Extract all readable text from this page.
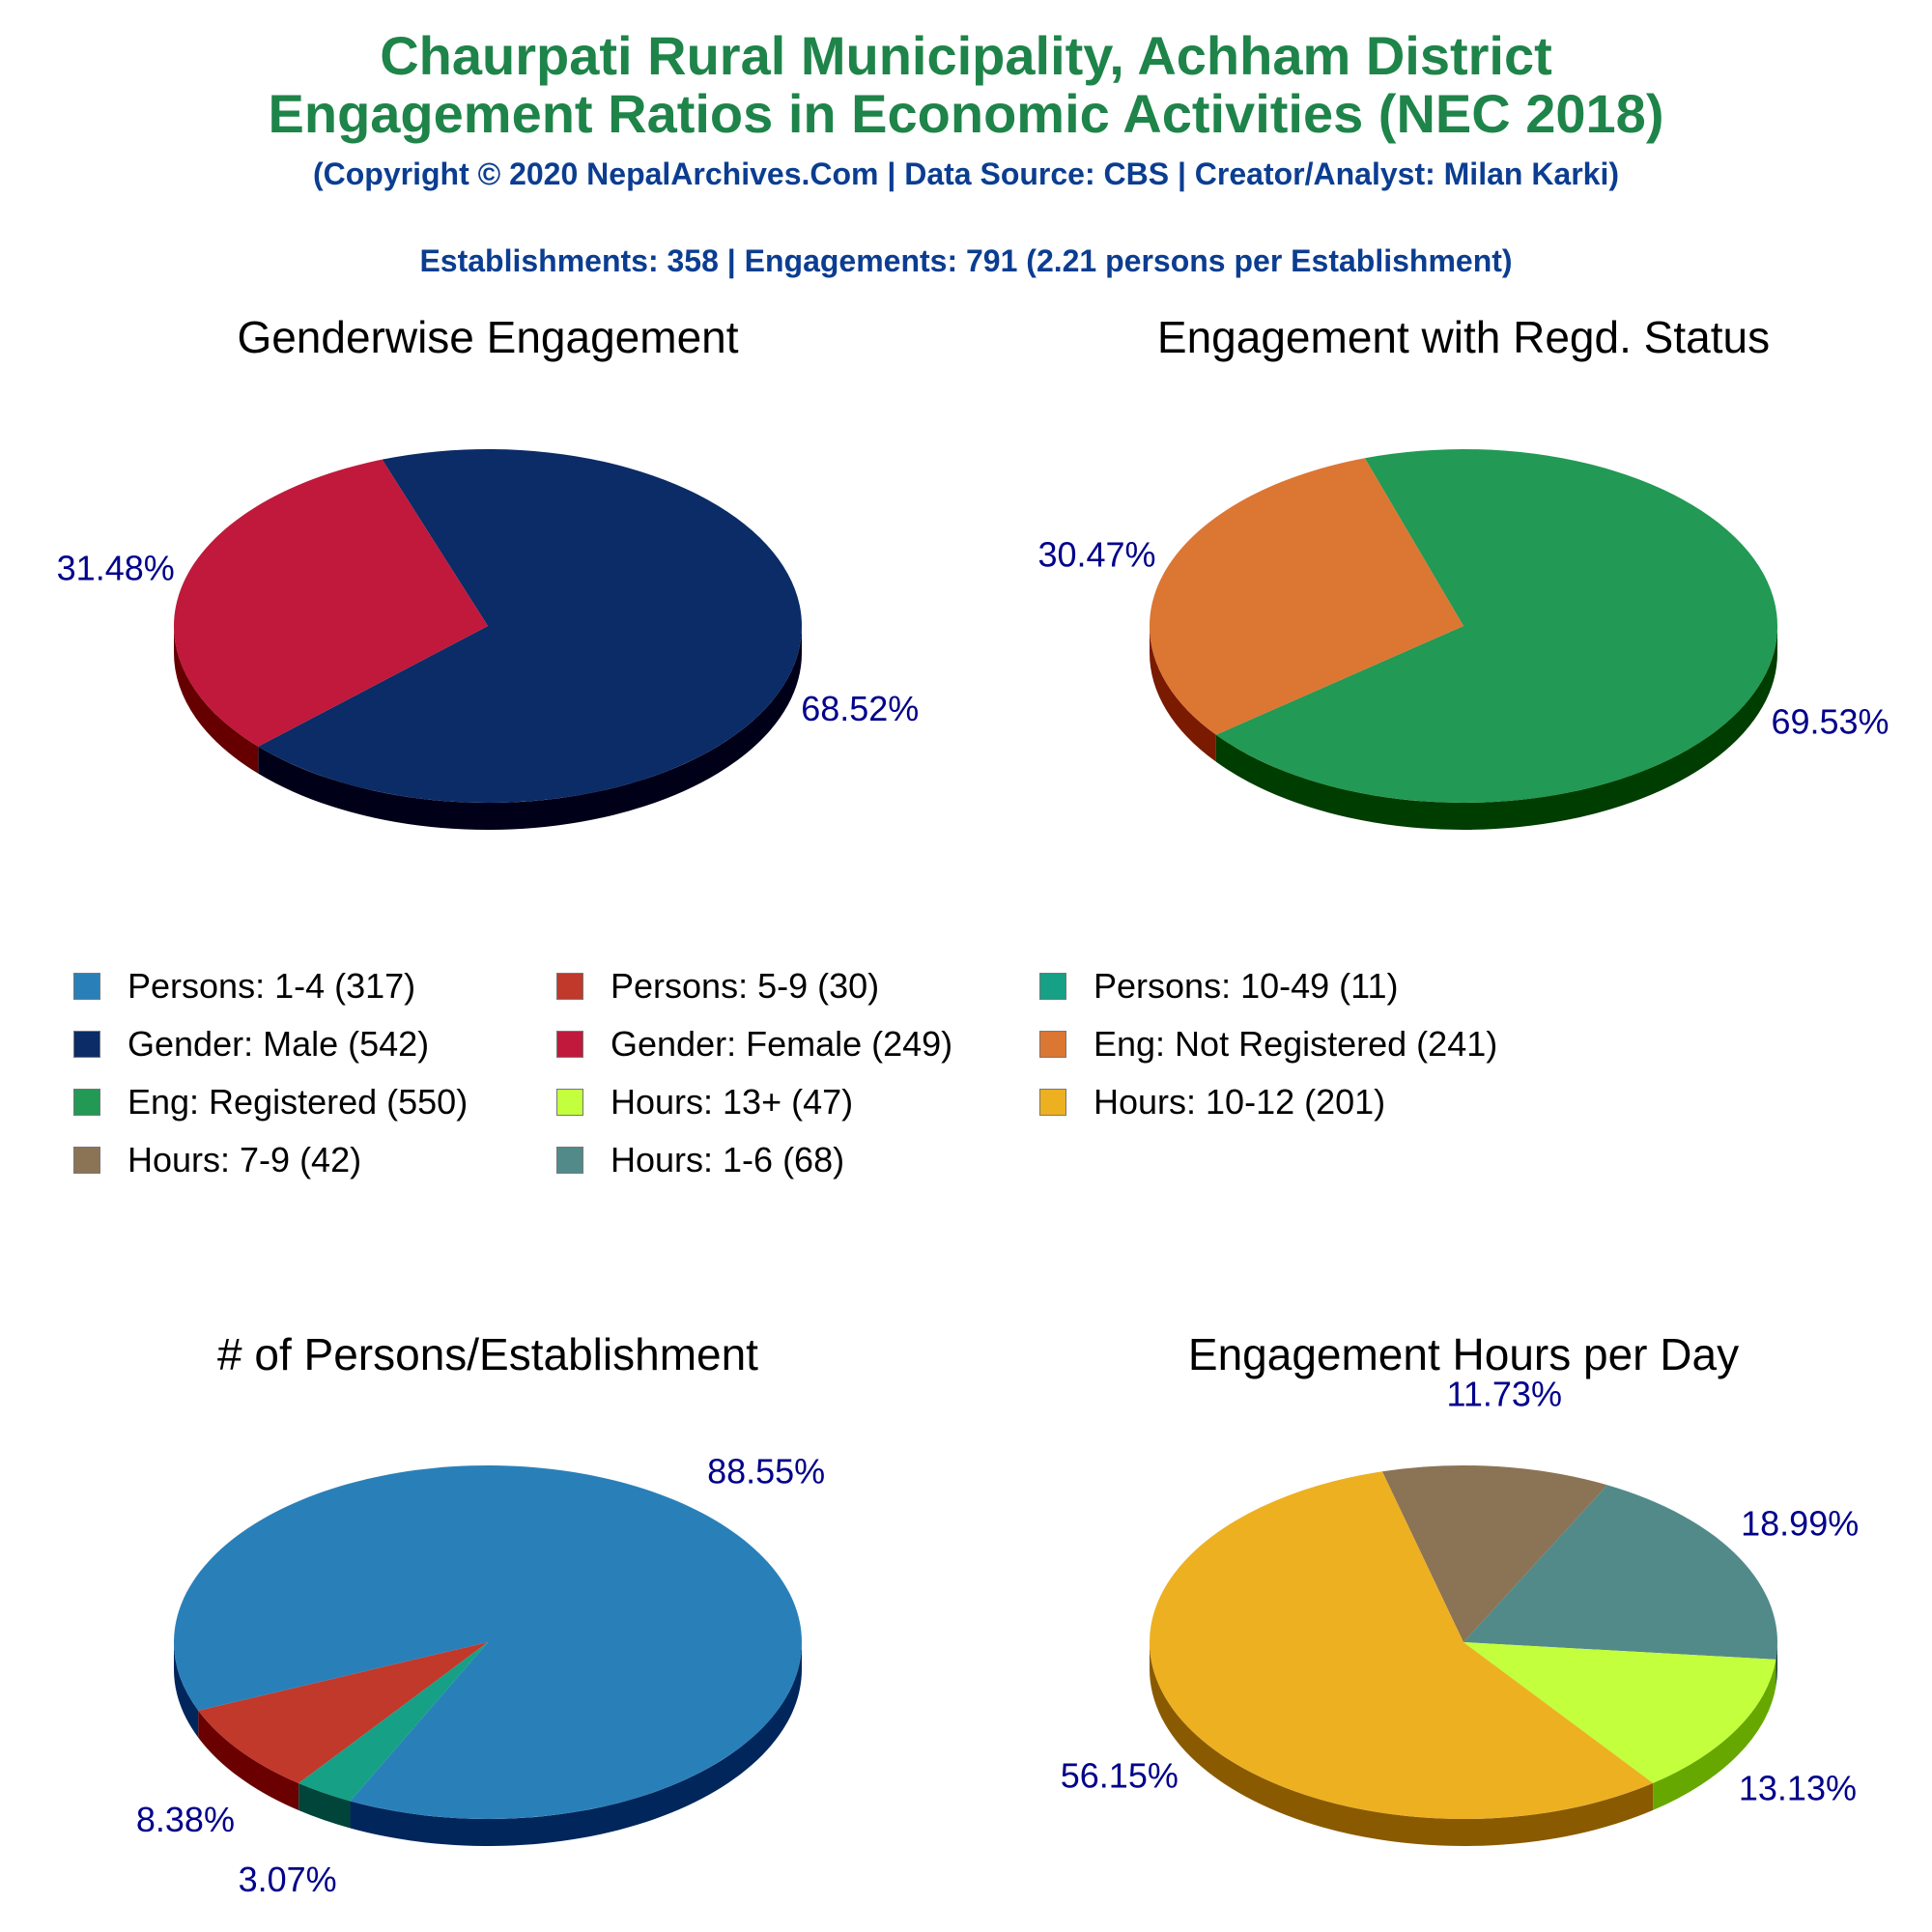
Chaurpati Rural Municipality, Achham District
Engagement Ratios in Economic Activities (NEC 2018)
(Copyright © 2020 NepalArchives.Com | Data Source: CBS | Creator/Analyst: Milan Karki)
Establishments: 358 | Engagements: 791 (2.21 persons per Establishment)
Genderwise Engagement
68.52%
31.48%
Engagement with Regd. Status
69.53%
30.47%
# of Persons/Establishment
88.55%
8.38%
3.07%
Engagement Hours per Day
11.73%
18.99%
13.13%
56.15%
Persons: 1-4 (317)	Persons: 5-9 (30)	Persons: 10-49 (11)
Gender: Male (542)	Gender: Female (249)	Eng: Not Registered (241)
Eng: Registered (550)	Hours: 13+ (47)	Hours: 10-12 (201)
Hours: 7-9 (42)	Hours: 1-6 (68)
